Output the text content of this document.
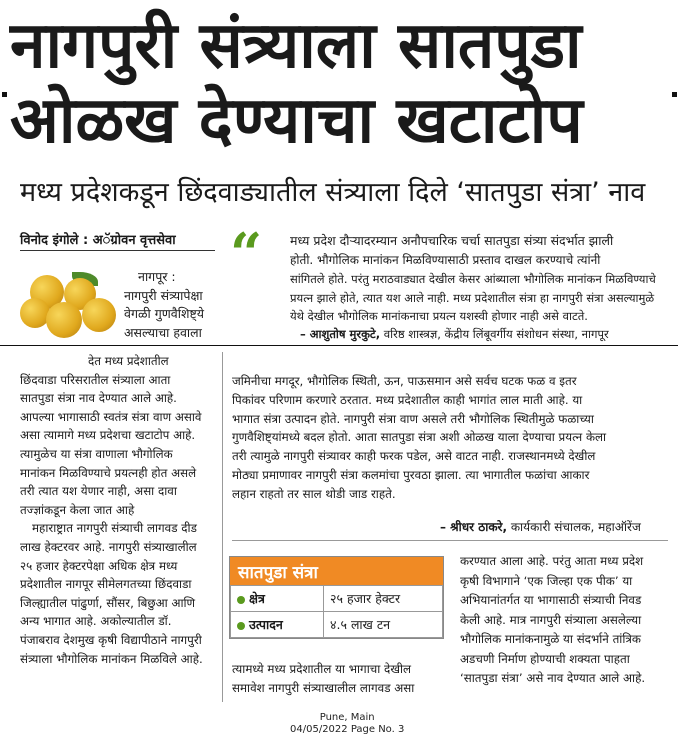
नागपुरी संत्र्याला सातपुडा
ओळख देण्याचा खटाटोप
मध्य प्रदेशकडून छिंदवाड्यातील संत्र्याला दिले ‘सातपुडा संत्रा’ नाव
विनोद इंगोले : अॅग्रोवन वृत्तसेवा

नागपूर :

नागपुरी संत्र्यापेक्षा

वेगळी गुणवैशिष्ट्ये

असल्याचा हवाला

“ मध्य प्रदेश दौऱ्यादरम्यान अनौपचारिक चर्चा सातपुडा संत्र्या संदर्भात झाली

होती. भौगोलिक मानांकन मिळविण्यासाठी प्रस्ताव दाखल करण्याचे त्यांनी

सांगितले होते. परंतु मराठवाड्यात देखील केसर आंब्याला भौगोलिक मानांकन मिळविण्याचे

प्रयत्न झाले होते, त्यात यश आले नाही. मध्य प्रदेशातील संत्रा हा नागपुरी संत्रा असल्यामुळे

येथे देखील भौगोलिक मानांकनाचा प्रयत्न यशस्वी होणार नाही असे वाटते.

– आशुतोष मुरकुटे, वरिष्ठ शास्त्रज्ञ, केंद्रीय लिंबूवर्गीय संशोधन संस्था, नागपूर

देत मध्य प्रदेशातील

छिंदवाडा परिसरातील संत्र्याला आता

सातपुडा संत्रा नाव देण्यात आले आहे.

आपल्या भागासाठी स्वतंत्र संत्रा वाण असावे

असा त्यामागे मध्य प्रदेशचा खटाटोप आहे.

त्यामुळेच या संत्रा वाणाला भौगोलिक

मानांकन मिळविण्याचे प्रयत्नही होत असले

तरी त्यात यश येणार नाही, असा दावा

तज्ज्ञांकडून केला जात आहे

महाराष्ट्रात नागपुरी संत्र्याची लागवड दीड

लाख हेक्टरवर आहे. नागपुरी संत्र्याखालील

२५ हजार हेक्टरपेक्षा अधिक क्षेत्र मध्य

प्रदेशातील नागपूर सीमेलगतच्या छिंदवाडा

जिल्ह्यातील पांढुर्णा, सौंसर, बिछुआ आणि

अन्य भागात आहे. अकोल्यातील डॉ.

पंजाबराव देशमुख कृषी विद्यापीठाने नागपुरी

संत्र्याला भौगोलिक मानांकन मिळविले आहे.

जमिनीचा मगदूर, भौगोलिक स्थिती, ऊन, पाऊसमान असे सर्वच घटक फळ व इतर

पिकांवर परिणाम करणारे ठरतात. मध्य प्रदेशातील काही भागांत लाल माती आहे. या

भागात संत्रा उत्पादन होते. नागपुरी संत्रा वाण असले तरी भौगोलिक स्थितीमुळे फळाच्या

गुणवैशिष्ट्यांमध्ये बदल होतो. आता सातपुडा संत्रा अशी ओळख याला देण्याचा प्रयत्न केला

तरी त्यामुळे नागपुरी संत्र्यावर काही फरक पडेल, असे वाटत नाही. राजस्थानमध्ये देखील

मोठ्या प्रमाणावर नागपुरी संत्रा कलमांचा पुरवठा झाला. त्या भागातील फळांचा आकार

लहान राहतो तर साल थोडी जाड राहते.

– श्रीधर ठाकरे, कार्यकारी संचालक, महाऑरेंज
सातपुडा संत्रा
क्षेत्र	२५ हजार हेक्टर
उत्पादन	४.५ लाख टन

त्यामध्ये मध्य प्रदेशातील या भागाचा देखील

समावेश नागपुरी संत्र्याखालील लागवड असा

करण्यात आला आहे. परंतु आता मध्य प्रदेश

कृषी विभागाने ‘एक जिल्हा एक पीक’ या

अभियानांतर्गत या भागासाठी संत्र्याची निवड

केली आहे. मात्र नागपुरी संत्र्याला असलेल्या

भौगोलिक मानांकनामुळे या संदर्भाने तांत्रिक

अडचणी निर्माण होण्याची शक्यता पाहता

‘सातपुडा संत्रा’ असे नाव देण्यात आले आहे.

Pune, Main
04/05/2022 Page No. 3
